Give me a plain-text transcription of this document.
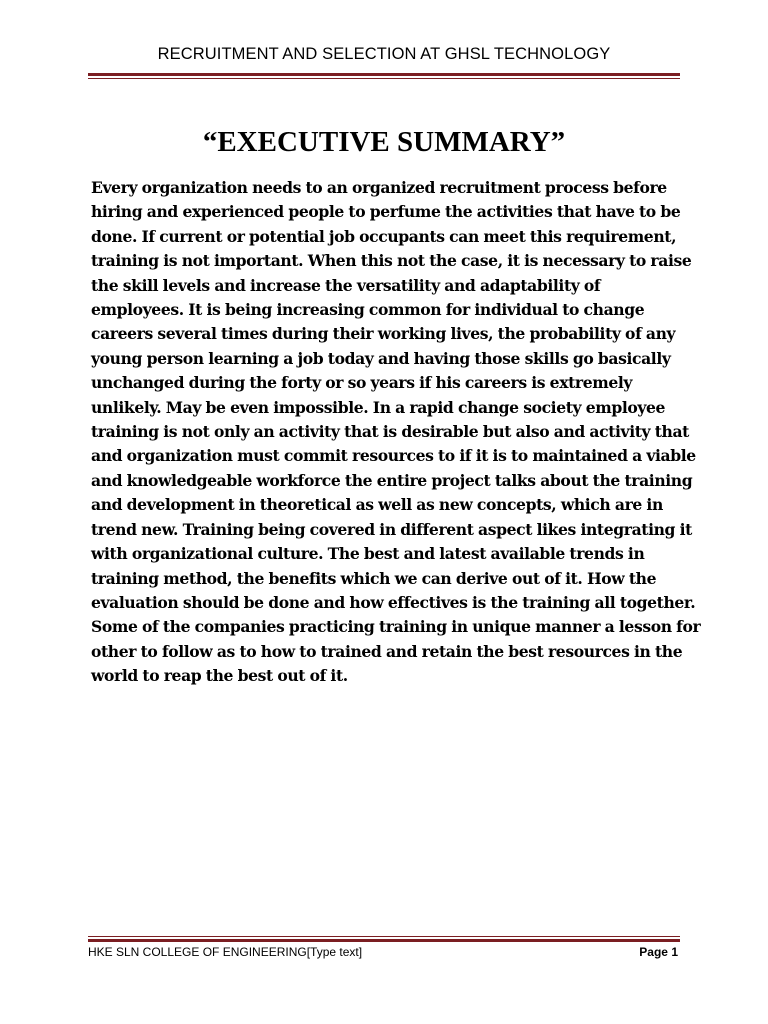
RECRUITMENT AND SELECTION AT GHSL TECHNOLOGY
“EXECUTIVE SUMMARY”
Every organization needs to an organized recruitment process before
hiring and experienced people to perfume the activities that have to be
done. If current or potential job occupants can meet this requirement,
training is not important. When this not the case, it is necessary to raise
the skill levels and increase the versatility and adaptability of
employees. It is being increasing common for individual to change
careers several times during their working lives, the probability of any
young person learning a job today and having those skills go basically
unchanged during the forty or so years if his careers is extremely
unlikely. May be even impossible. In a rapid change society employee
training is not only an activity that is desirable but also and activity that
and organization must commit resources to if it is to maintained a viable
and knowledgeable workforce the entire project talks about the training
and development in theoretical as well as new concepts, which are in
trend new. Training being covered in different aspect likes integrating it
with organizational culture. The best and latest available trends in
training method, the benefits which we can derive out of it. How the
evaluation should be done and how effectives is the training all together.
Some of the companies practicing training in unique manner a lesson for
other to follow as to how to trained and retain the best resources in the
world to reap the best out of it.
HKE SLN COLLEGE OF ENGINEERING[Type text]	Page 1
